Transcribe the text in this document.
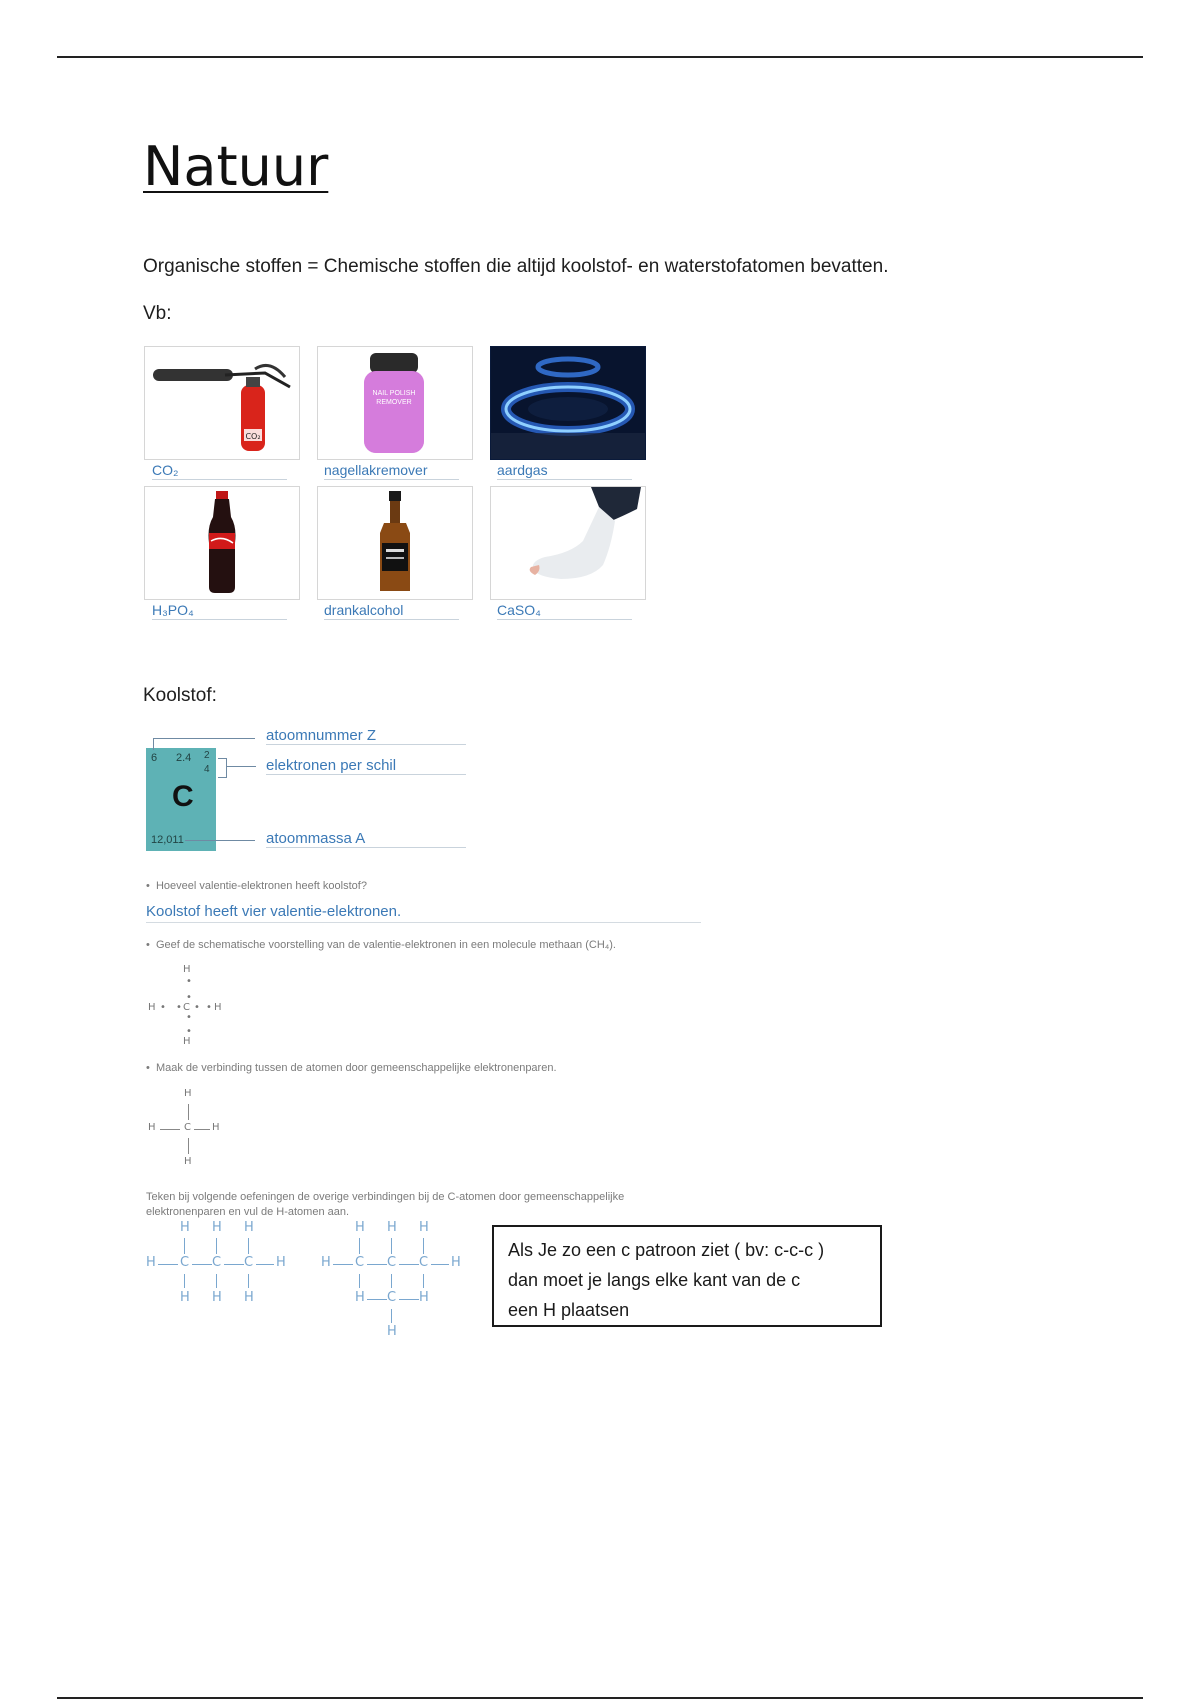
Natuur
Organische stoffen = Chemische stoffen die altijd koolstof- en waterstofatomen bevatten.
Vb:
CO₂
NAIL POLISH REMOVER
CO₂	nagellakremover	aardgas
H₃PO₄	drankalcohol	CaSO₄
Koolstof:
6 2.4 2
4
C
12,011
atoomnummer Z
elektronen per schil
atoommassa A
•  Hoeveel valentie-elektronen heeft koolstof?
Koolstof heeft vier valentie-elektronen.
•  Geef de schematische voorstelling van de valentie-elektronen in een molecule methaan (CH₄).
H
•
•
H • • C • • H
•
•
H
•  Maak de verbinding tussen de atomen door gemeenschappelijke elektronenparen.
H
H	C H
H
Teken bij volgende oefeningen de overige verbindingen bij de C-atomen door gemeenschappelijke elektronenparen en vul de H-atomen aan.
H H H
H C C C H
H H H
H H H
H C C C H
H C H
H
Als Je zo een c patroon ziet ( bv: c-c-c )
dan moet je langs elke kant van de c
een H plaatsen
